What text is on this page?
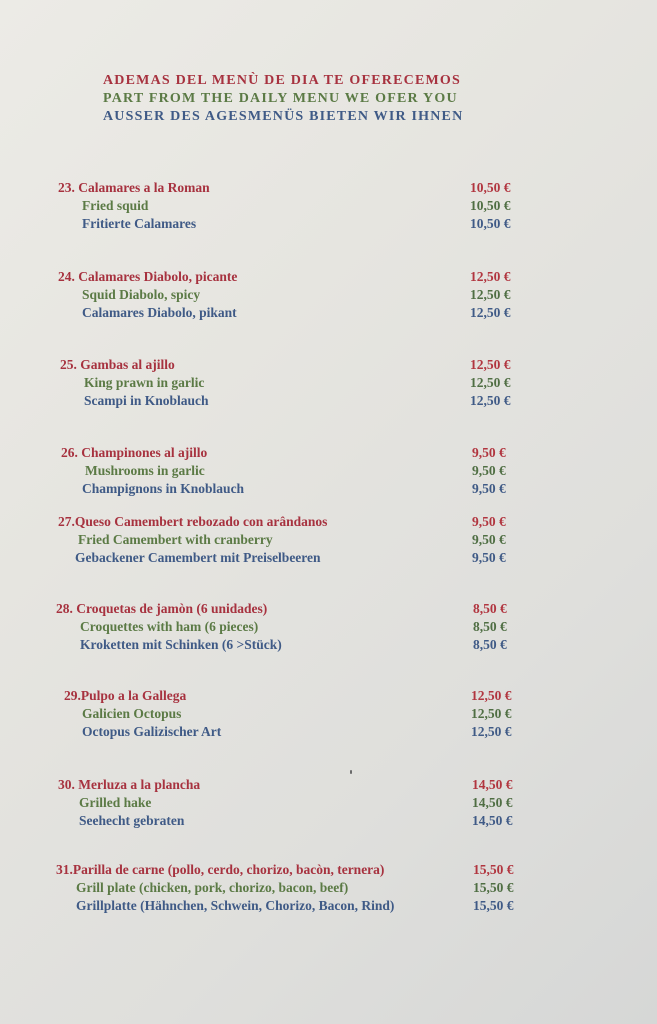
ADEMAS DEL MENÙ DE DIA TE OFERECEMOS
PART FROM THE DAILY MENU WE OFER YOU
AUSSER DES AGESMENÜS BIETEN WIR IHNEN
23. Calamares a la Roman	10,50 €
Fried squid	10,50 €
Fritierte Calamares	10,50 €
24. Calamares Diabolo, picante	12,50 €
Squid Diabolo, spicy	12,50 €
Calamares Diabolo, pikant	12,50 €
25. Gambas al ajillo	12,50 €
King prawn in garlic	12,50 €
Scampi in Knoblauch	12,50 €
26. Champinones al ajillo	9,50 €
Mushrooms in garlic	9,50 €
Champignons in Knoblauch	9,50 €
27.Queso Camembert rebozado con arândanos	9,50 €
Fried Camembert with cranberry	9,50 €
Gebackener Camembert mit Preiselbeeren	9,50 €
28. Croquetas de jamòn (6 unidades)	8,50 €
Croquettes with ham (6 pieces)	8,50 €
Kroketten mit Schinken (6 >Stück)	8,50 €
29.Pulpo a la Gallega	12,50 €
Galicien Octopus	12,50 €
Octopus Galizischer Art	12,50 €
30. Merluza a la plancha	14,50 €
Grilled hake	14,50 €
Seehecht gebraten	14,50 €
31.Parilla de carne (pollo, cerdo, chorizo, bacòn, ternera)	15,50 €
Grill plate (chicken, pork, chorizo, bacon, beef)	15,50 €
Grillplatte (Hähnchen, Schwein, Chorizo, Bacon, Rind)	15,50 €
